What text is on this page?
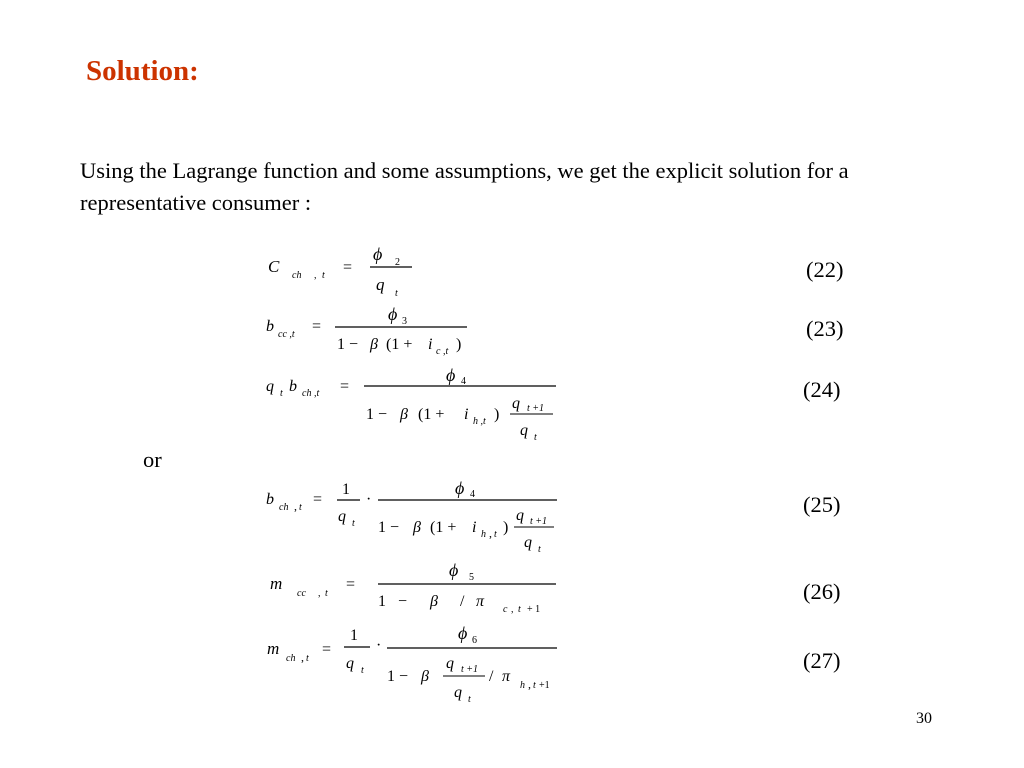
Solution:
Using the Lagrange function and some assumptions, we get the explicit solution for a representative consumer :
C ch , t =
ϕ 2
q t
b cc ,t =
ϕ 3
1 − β (1 + i c ,t )
q t b ch ,t =
ϕ 4
1 − β (1 + i h ,t )
q t +1
q t
b ch , t =
1
q t
·
ϕ 4
1 − β (1 + i h , t )
q t +1
q t
m
cc , t
=
ϕ 5
1 − β / π c , t + 1
m
ch , t
=
1
q t
·
ϕ 6
1 − β
q t +1
q t
/ π
h , t +1
(22)
(23)
(24)
or
(25)
(26)
(27)
30
